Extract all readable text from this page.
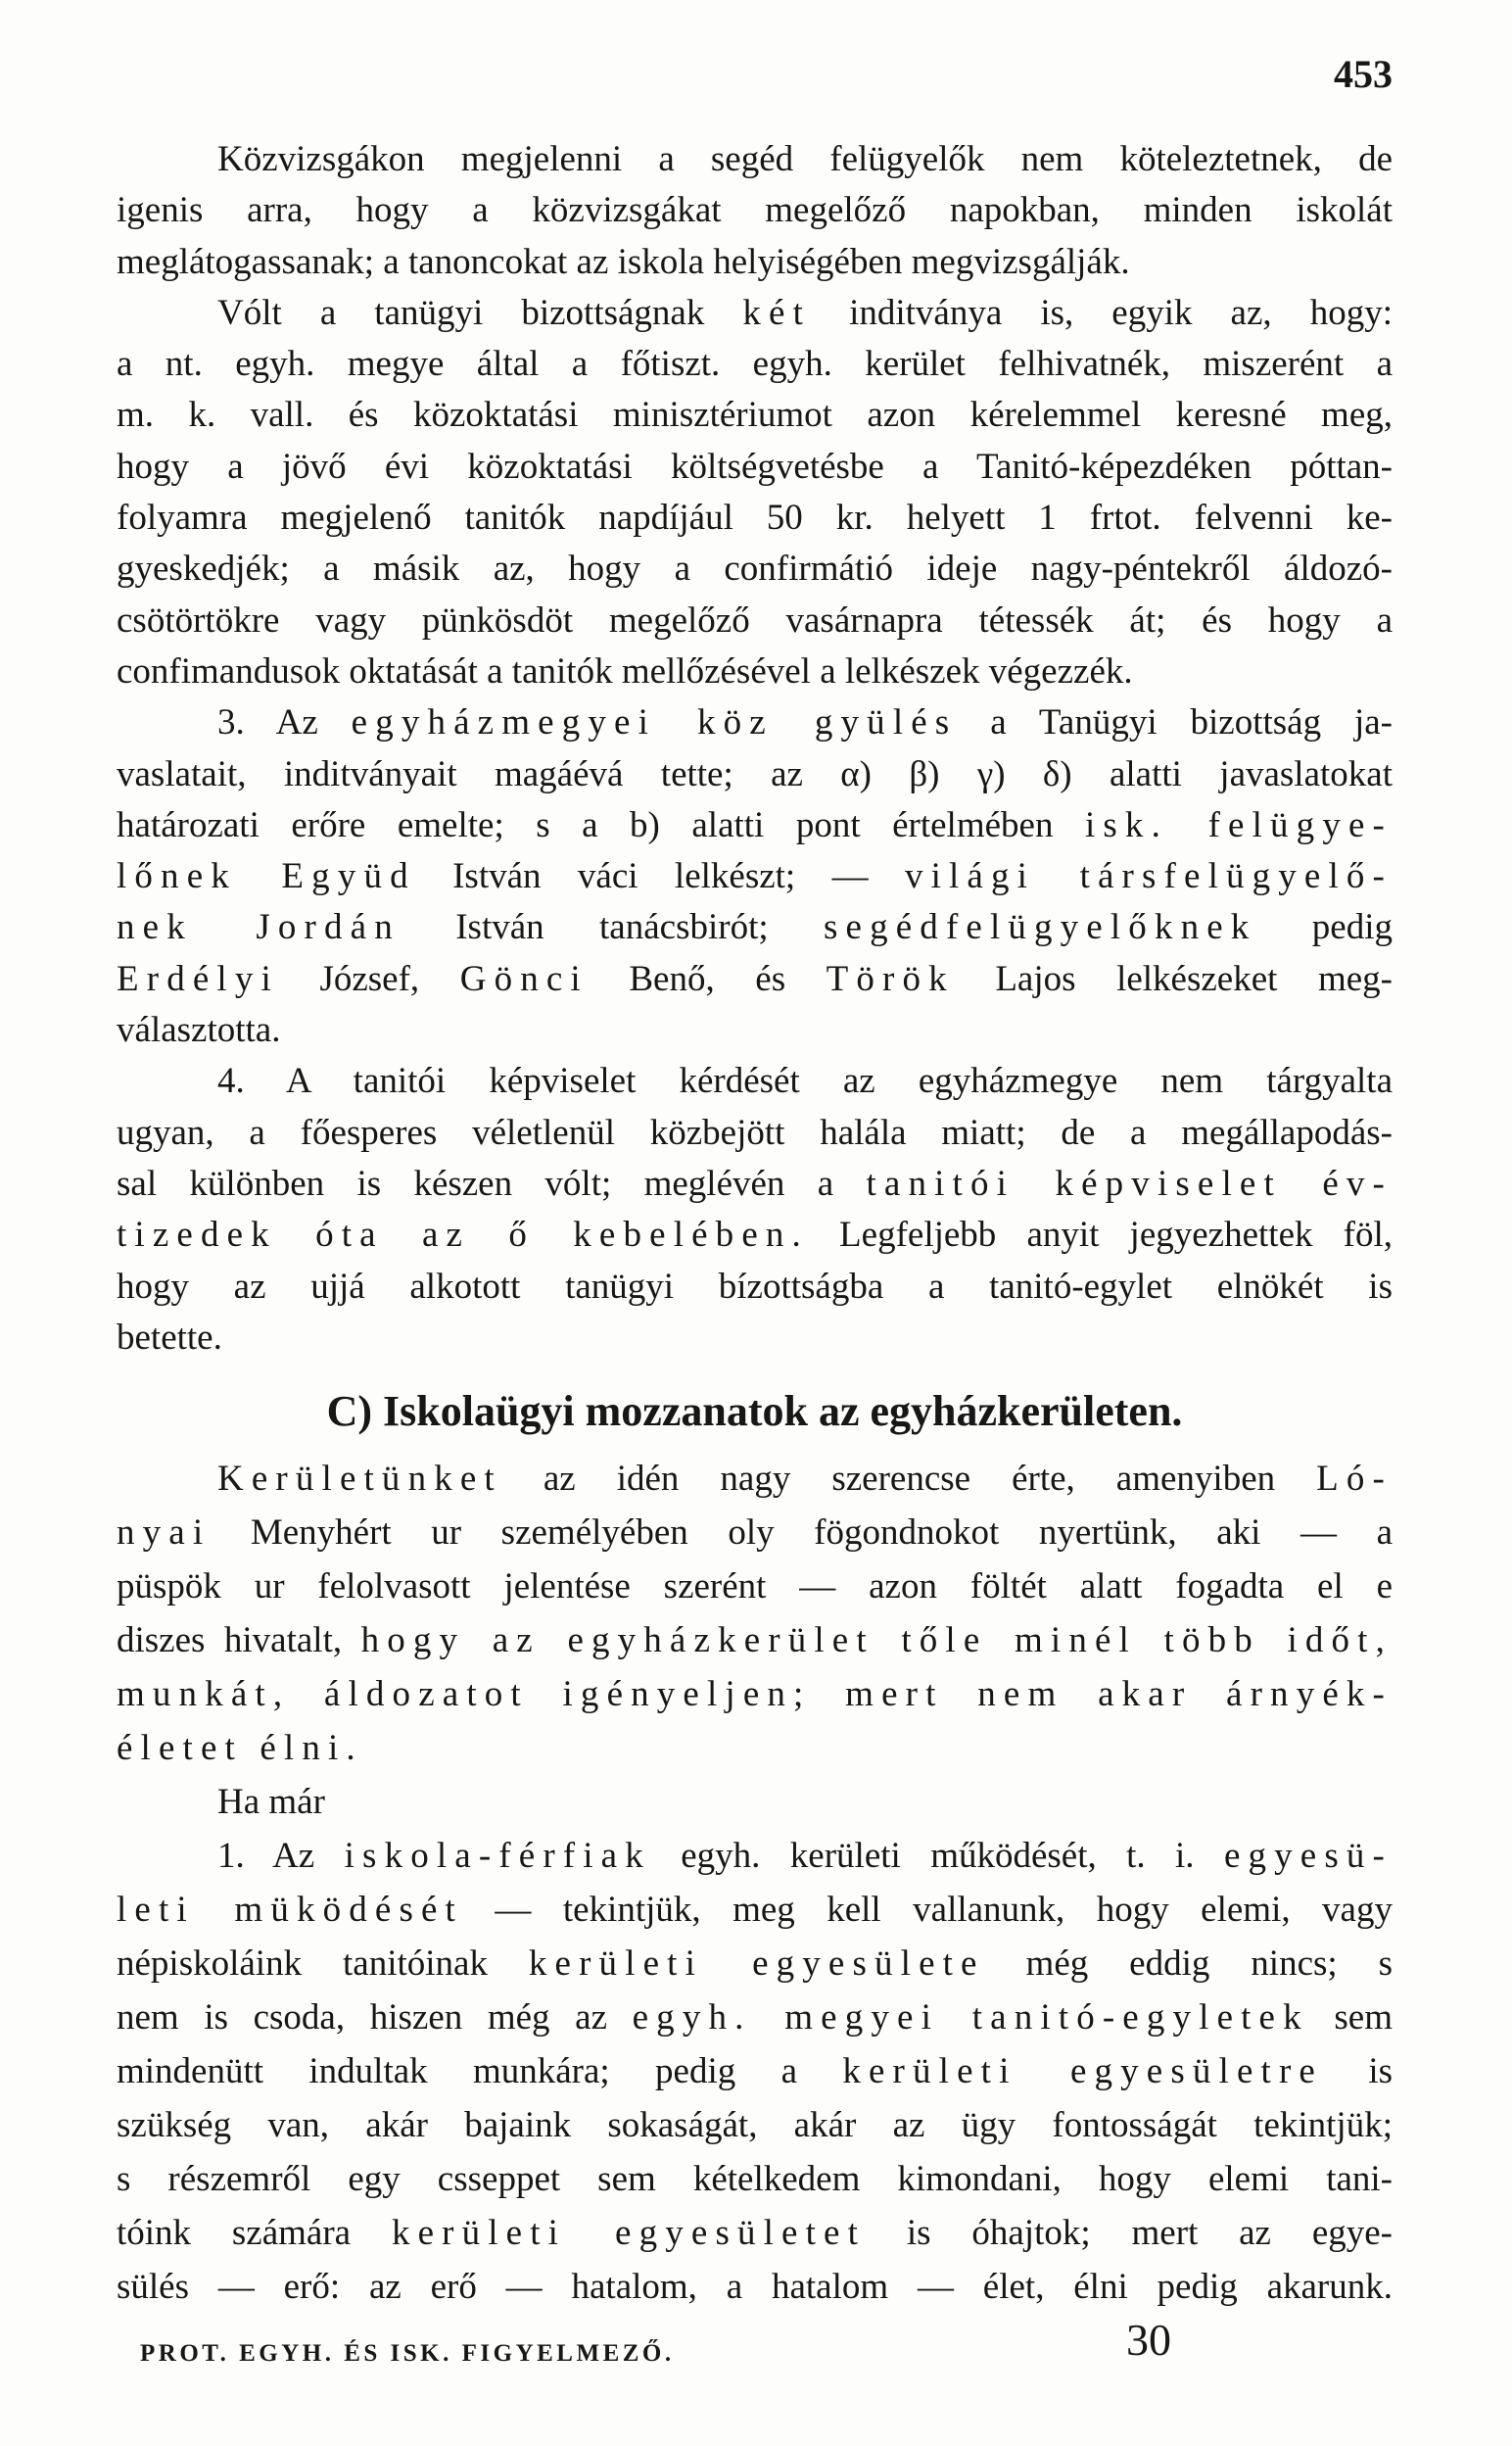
453
Közvizsgákon megjelenni a segéd felügyelők nem köteleztetnek, de
igenis arra, hogy a közvizsgákat megelőző napokban, minden iskolát
meglátogassanak; a tanoncokat az iskola helyiségében megvizsgálják.
Vólt a tanügyi bizottságnak két inditványa is, egyik az, hogy:
a nt. egyh. megye által a főtiszt. egyh. kerület felhivatnék, miszerént a
m. k. vall. és közoktatási minisztériumot azon kérelemmel keresné meg,
hogy a jövő évi közoktatási költségvetésbe a Tanitó-képezdéken póttan-
folyamra megjelenő tanitók napdíjául 50 kr. helyett 1 frtot. felvenni ke-
gyeskedjék; a másik az, hogy a confirmátió ideje nagy-péntekről áldozó-
csötörtökre vagy pünkösdöt megelőző vasárnapra tétessék át; és hogy a
confimandusok oktatását a tanitók mellőzésével a lelkészek végezzék.
3. Az egyházmegyei köz gyülés a Tanügyi bizottság ja-
vaslatait, inditványait magáévá tette; az α) β) γ) δ) alatti javaslatokat
határozati erőre emelte; s a b) alatti pont értelmében isk. felügye-
lőnek Együd István váci lelkészt; — világi társfelügyelő-
nek Jordán István tanácsbirót; segédfelügyelőknek pedig
Erdélyi József, Gönci Benő, és Török Lajos lelkészeket meg-
választotta.
4. A tanitói képviselet kérdését az egyházmegye nem tárgyalta
ugyan, a főesperes véletlenül közbejött halála miatt; de a megállapodás-
sal különben is készen vólt; meglévén a tanitói képviselet év-
tizedek óta az ő kebelében. Legfeljebb anyit jegyezhettek föl,
hogy az ujjá alkotott tanügyi bízottságba a tanitó-egylet elnökét is
betette.
C) Iskolaügyi mozzanatok az egyházkerületen.
Kerületünket az idén nagy szerencse érte, amenyiben Ló-
nyai Menyhért ur személyében oly fögondnokot nyertünk, aki — a
püspök ur felolvasott jelentése szerént — azon föltét alatt fogadta el e
diszes hivatalt, hogy az egyházkerület tőle minél több időt,
munkát, áldozatot igényeljen; mert nem akar árnyék-
életet élni.
Ha már
1. Az iskola-férfiak egyh. kerületi működését, t. i. egyesü-
leti müködését — tekintjük, meg kell vallanunk, hogy elemi, vagy
népiskoláink tanitóinak kerületi egyesülete még eddig nincs; s
nem is csoda, hiszen még az egyh. megyei tanitó-egyletek sem
mindenütt indultak munkára; pedig a kerületi egyesületre is
szükség van, akár bajaink sokaságát, akár az ügy fontosságát tekintjük;
s részemről egy csseppet sem kételkedem kimondani, hogy elemi tani-
tóink számára kerületi egyesületet is óhajtok; mert az egye-
sülés — erő: az erő — hatalom, a hatalom — élet, élni pedig akarunk.
PROT. EGYH. ÉS ISK. FIGYELMEZŐ.	30
